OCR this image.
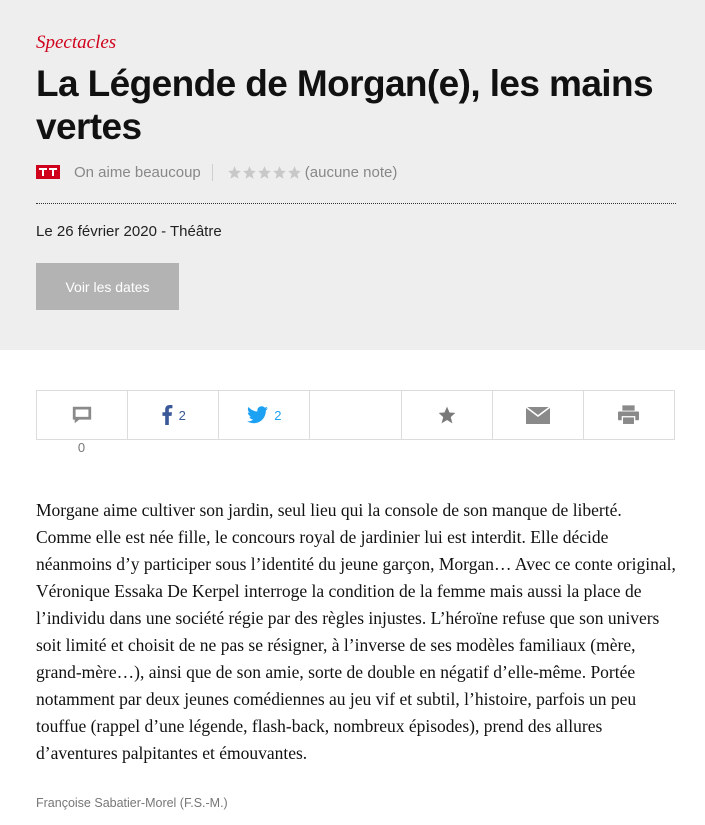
Spectacles
La Légende de Morgan(e), les mains vertes
On aime beaucoup	(aucune note)
Le 26 février 2020 - Théâtre
Voir les dates
2	2
0

Morgane aime cultiver son jardin, seul lieu qui la console de son manque de liberté. Comme elle est née fille, le concours royal de jardinier lui est interdit. Elle décide néanmoins d’y participer sous l’identité du jeune garçon, Morgan… Avec ce conte original, Véronique Essaka De Kerpel interroge la condition de la femme mais aussi la place de l’individu dans une société régie par des règles injustes. L’héroïne refuse que son univers soit limité et choisit de ne pas se résigner, à l’inverse de ses modèles familiaux (mère, grand-mère…), ainsi que de son amie, sorte de double en négatif d’elle-même. Portée notamment par deux jeunes comédiennes au jeu vif et subtil, l’histoire, parfois un peu touffue (rappel d’une légende, flash-back, nombreux épisodes), prend des allures d’aventures palpitantes et émouvantes.

Françoise Sabatier-Morel (F.S.-M.)
